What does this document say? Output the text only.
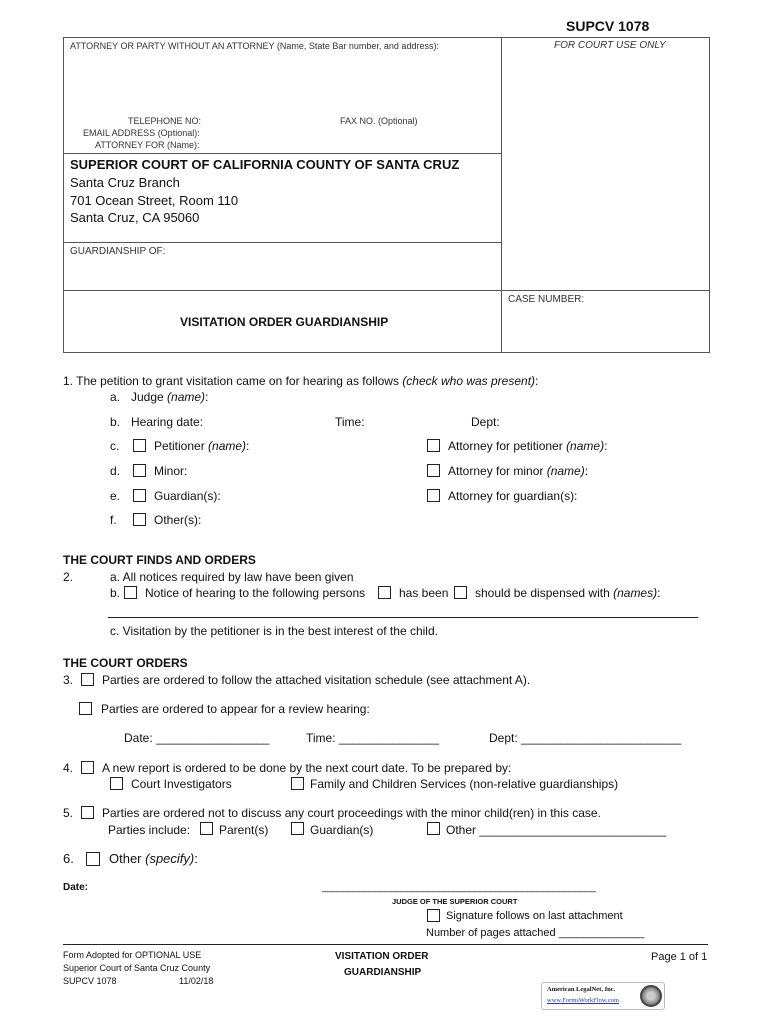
SUPCV 1078
FOR COURT USE ONLY
ATTORNEY OR PARTY WITHOUT AN ATTORNEY (Name, State Bar number, and address):
TELEPHONE NO:	FAX NO. (Optional)
EMAIL ADDRESS (Optional):
ATTORNEY FOR (Name):
SUPERIOR COURT OF CALIFORNIA COUNTY OF SANTA CRUZ
Santa Cruz Branch
701 Ocean Street, Room 110
Santa Cruz, CA 95060
GUARDIANSHIP OF:
CASE NUMBER:
VISITATION ORDER GUARDIANSHIP
1. The petition to grant visitation came on for hearing as follows (check who was present):
a. Judge (name):
b. Hearing date:	Time:	Dept:
c.	Petitioner (name):	Attorney for petitioner (name):
d.	Minor:	Attorney for minor (name):
e.	Guardian(s):	Attorney for guardian(s):
f.	Other(s):
THE COURT FINDS AND ORDERS
2.	a. All notices required by law have been given
b. Notice of hearing to the following persons	has been should be dispensed with (names):
c. Visitation by the petitioner is in the best interest of the child.
THE COURT ORDERS
3. Parties are ordered to follow the attached visitation schedule (see attachment A).
Parties are ordered to appear for a review hearing:
Date: _________________	Time: _______________	Dept: ________________________
4. A new report is ordered to be done by the next court date. To be prepared by:
Court Investigators	Family and Children Services (non-relative guardianships)
5. Parties are ordered not to discuss any court proceedings with the minor child(ren) in this case.
Parties include: Parent(s)	Guardian(s)	Other ____________________________
6.	Other (specify):
Date:	____________________________________________________
JUDGE OF THE SUPERIOR COURT
Signature follows on last attachment
Number of pages attached ______________
Form Adopted for OPTIONAL USE
Superior Court of Santa Cruz County
SUPCV 1078	11/02/18
VISITATION ORDER
GUARDIANSHIP
Page 1 of 1
American LegalNet, Inc.
www.FormsWorkFlow.com
